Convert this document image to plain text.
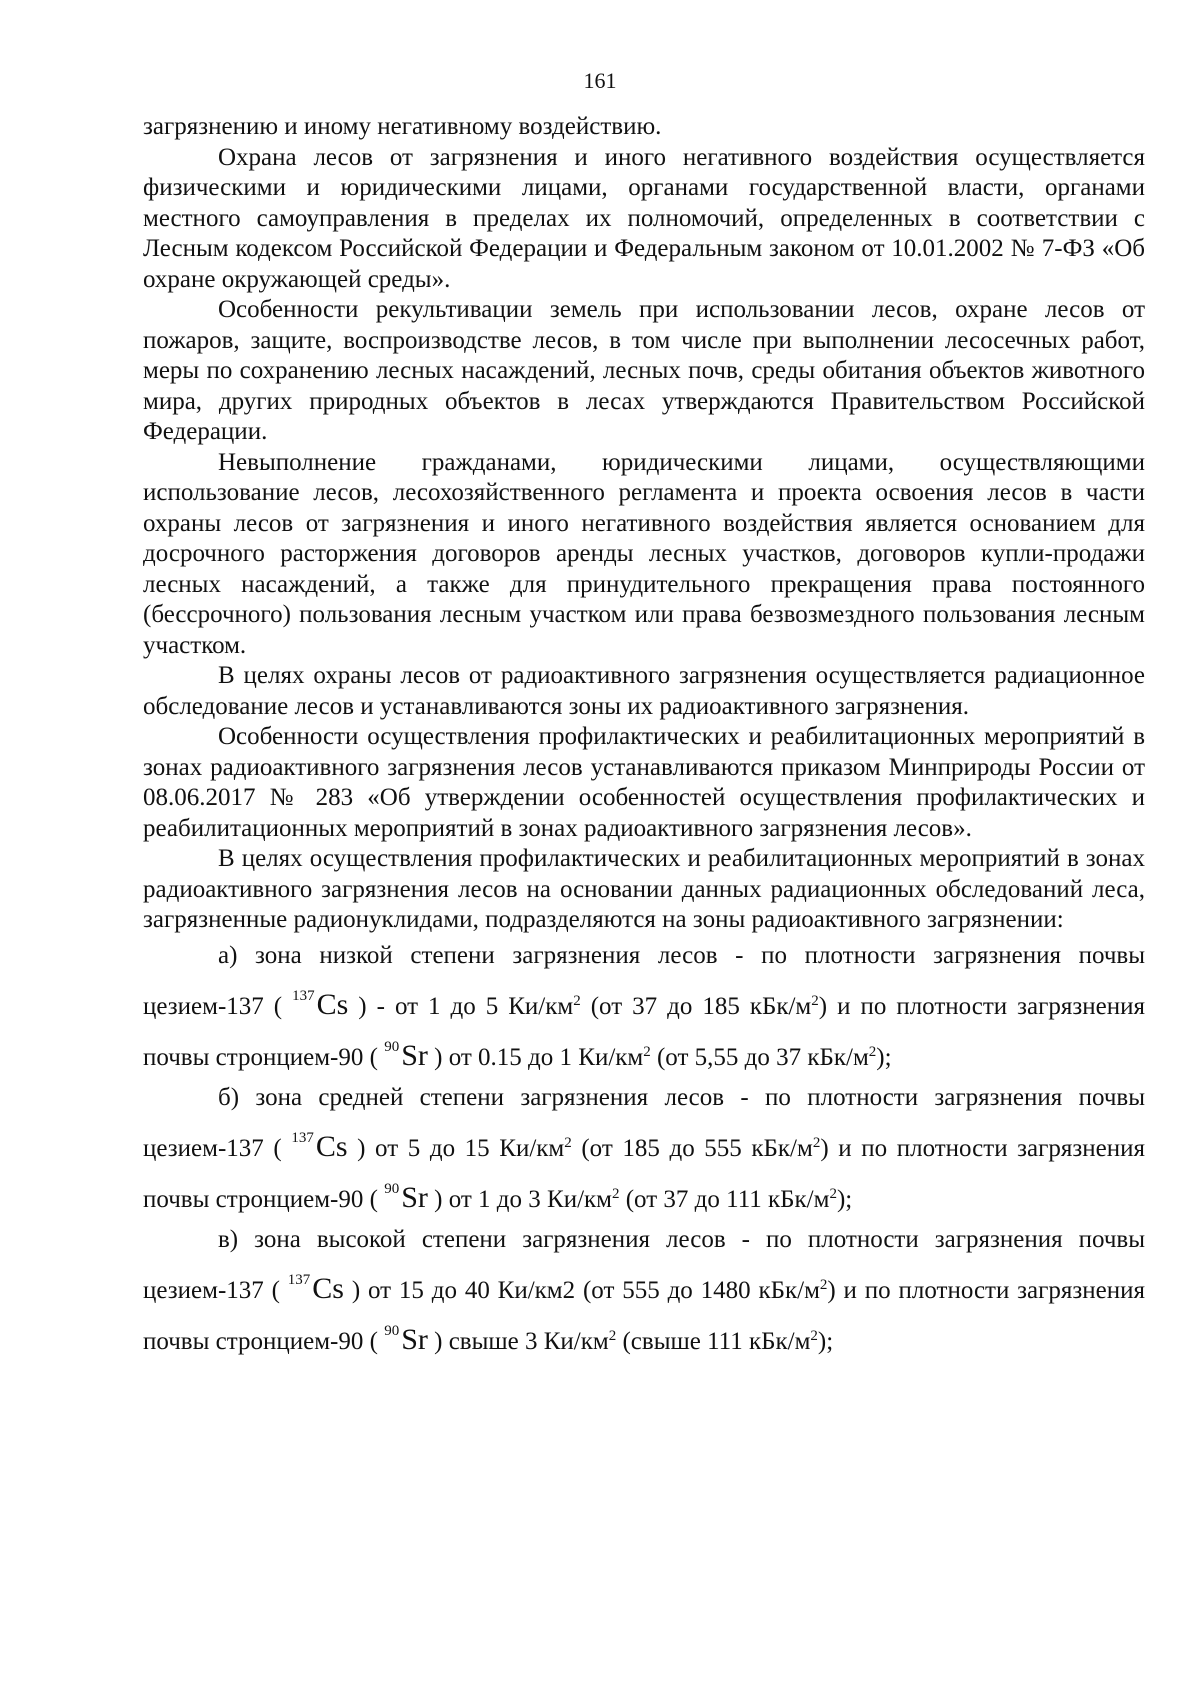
161

загрязнению и иному негативному воздействию.

Охрана лесов от загрязнения и иного негативного воздействия осуществляется физическими и юридическими лицами, органами государственной власти, органами местного самоуправления в пределах их полномочий, определенных в соответствии с Лесным кодексом Российской Федерации и Федеральным законом от 10.01.2002 № 7-ФЗ «Об охране окружающей среды».

Особенности рекультивации земель при использовании лесов, охране лесов от пожаров, защите, воспроизводстве лесов, в том числе при выполнении лесосечных работ, меры по сохранению лесных насаждений, лесных почв, среды обитания объектов животного мира, других природных объектов в лесах утверждаются Правительством Российской Федерации.

Невыполнение гражданами, юридическими лицами, осуществляющими использование лесов, лесохозяйственного регламента и проекта освоения лесов в части охраны лесов от загрязнения и иного негативного воздействия является основанием для досрочного расторжения договоров аренды лесных участков, договоров купли-продажи лесных насаждений, а также для принудительного прекращения права постоянного (бессрочного) пользования лесным участком или права безвозмездного пользования лесным участком.

В целях охраны лесов от радиоактивного загрязнения осуществляется радиационное обследование лесов и устанавливаются зоны их радиоактивного загрязнения.

Особенности осуществления профилактических и реабилитационных мероприятий в зонах радиоактивного загрязнения лесов устанавливаются приказом Минприроды России от 08.06.2017 № 283 «Об утверждении особенностей осуществления профилактических и реабилитационных мероприятий в зонах радиоактивного загрязнения лесов».

В целях осуществления профилактических и реабилитационных мероприятий в зонах радиоактивного загрязнения лесов на основании данных радиационных обследований леса, загрязненные радионуклидами, подразделяются на зоны радиоактивного загрязнении:

а) зона низкой степени загрязнения лесов - по плотности загрязнения почвы цезием-137 ( $^{137}$Cs ) - от 1 до 5 $Ки/км^2$ (от 37 до 185 кБк/$м^2$) и по плотности загрязнения почвы стронцием-90 ( $^{90}$Sr ) от 0.15 до 1 $Ки/км^2$ (от 5,55 до 37 кБк/$м^2$);

б) зона средней степени загрязнения лесов - по плотности загрязнения почвы цезием-137 ( $^{137}$Cs ) от 5 до 15 $Ки/км^2$ (от 185 до 555 кБк/$м^2$) и по плотности загрязнения почвы стронцием-90 ( $^{90}$Sr ) от 1 до 3 $Ки/км^2$ (от 37 до 111 кБк/$м^2$);

в) зона высокой степени загрязнения лесов - по плотности загрязнения почвы цезием-137 ( $^{137}$Cs ) от 15 до 40 Ки/км2 (от 555 до 1480 кБк/$м^2$) и по плотности загрязнения почвы стронцием-90 ( $^{90}$Sr ) свыше 3 $Ки/км^2$ (свыше 111 кБк/$м^2$);
